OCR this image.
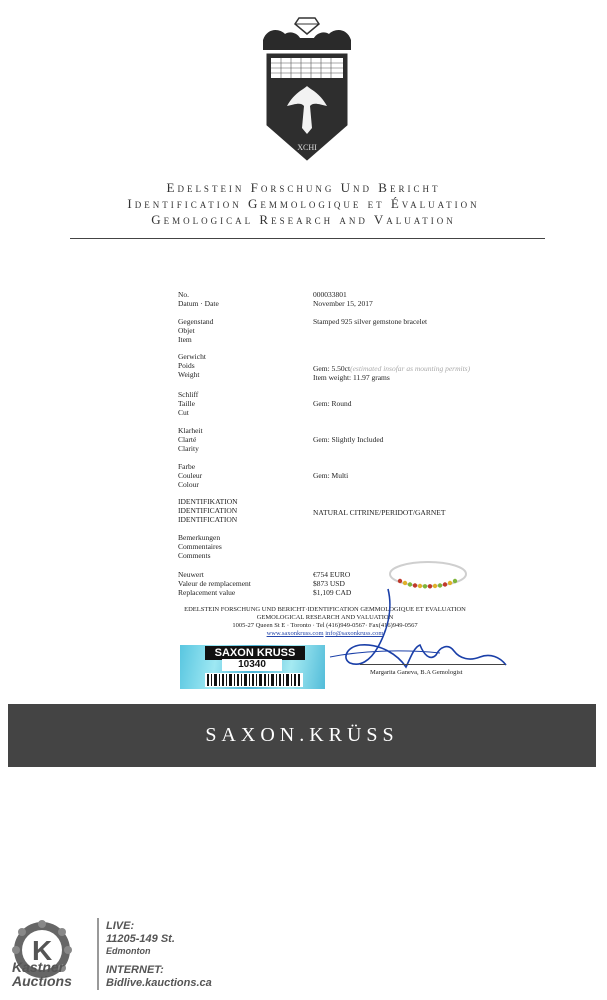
XCHI
Edelstein Forschung Und Bericht
Identification Gemmologique et Évaluation
Gemological Research and Valuation
No.
Datum · Date
000033801
November 15, 2017
Gegenstand
Objet
Item
Stamped 925 silver gemstone bracelet
Gerwicht
Poids
Weight
Gem: 5.50ct(estimated insofar as mounting permits)
Item weight: 11.97 grams
Schliff
Taille
Cut
Gem: Round
Klarheit
Clarté
Clarity
Gem: Slightly Included
Farbe
Couleur
Colour
Gem: Multi
IDENTIFIKATION
IDENTIFICATION
IDENTIFICATION
NATURAL CITRINE/PERIDOT/GARNET
Bemerkungen
Commentaires
Comments
Neuwert
Valeur de remplacement
Replacement value
€754 EURO
$873 USD
$1,109 CAD
EDELSTEIN FORSCHUNG UND BERICHT·IDENTIFICATION GEMMOLOGIQUE ET EVALUATION
GEMOLOGICAL RESEARCH AND VALUATION
1005-27 Queen St E · Toronto · Tel (416)949-0567· Fax(416)949-0567
www.saxonkruss.com info@saxonkruss.com
SAXON KRUSS
10340
Margarita Ganeva, B.A Gemologist
SAXON.KRÜSS
K
Kastner
Auctions
LIVE:
11205-149 St.
Edmonton
INTERNET:
Bidlive.kauctions.ca
